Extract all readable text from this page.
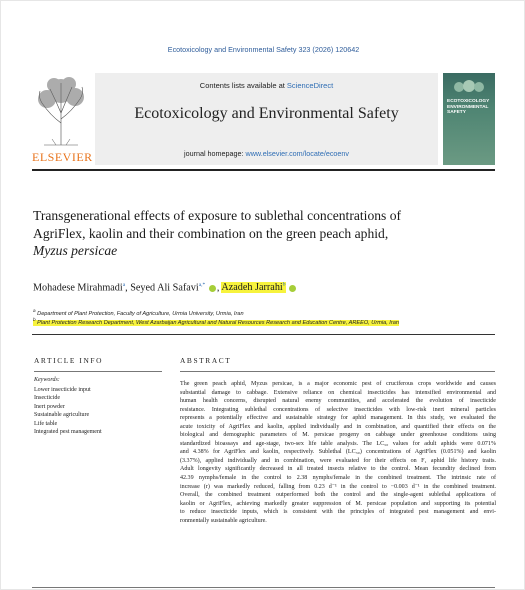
Ecotoxicology and Environmental Safety 323 (2026) 120642
ELSEVIER
Contents lists available at ScienceDirect
Ecotoxicology and Environmental Safety
journal homepage: www.elsevier.com/locate/ecoenv
ECOTOXICOLOGY ENVIRONMENTAL SAFETY
Transgenerational effects of exposure to sublethal concentrations of
AgriFlex, kaolin and their combination on the green peach aphid,
Myzus persicae
Mohadese Mirahmadi$^a$, Seyed Ali Safavi$^{a,*}$ , Azadeh Jarrahi$^b$
$^a$ Department of Plant Protection, Faculty of Agriculture, Urmia University, Urmia, Iran
$^b$ Plant Protection Research Department, West Azarbaijan Agricultural and Natural Resources Research and Education Centre, AREEO, Urmia, Iran
ARTICLE INFO	ABSTRACT
Keywords:
Lower insecticide input
Insecticide
Inert powder
Sustainable agriculture
Life table
Integrated pest management
The green peach aphid, Myzus persicae, is a major economic pest of cruciferous crops worldwide and causes
substantial damage to cabbage. Extensive reliance on chemical insecticides has intensified environmental and
human health concerns, disrupted natural enemy communities, and accelerated the evolution of insecticide
resistance. Integrating sublethal concentrations of selective insecticides with low-risk inert mineral particles
represents a potentially effective and sustainable strategy for aphid management. In this study, we evaluated the
acute toxicity of AgriFlex and kaolin, applied individually and in combination, and quantified their effects on the
biological and demographic parameters of M. persicae progeny on cabbage under greenhouse conditions using
standardized bioassays and age-stage, two-sex life table analysis. The LC₅₀ values for adult aphids were 0.071%
and 4.38% for AgriFlex and kaolin, respectively. Sublethal (LC₃₀) concentrations of AgriFlex (0.051%) and kaolin
(3.37%), applied individually and in combination, were evaluated for their effects on F₁ aphid life history traits.
Adult longevity significantly decreased in all treated insects relative to the control. Mean fecundity declined from
42.39 nymphs/female in the control to 2.38 nymphs/female in the combined treatment. The intrinsic rate of
increase (r) was markedly reduced, falling from 0.23 d⁻¹ in the control to −0.003 d⁻¹ in the combined treatment.
Overall, the combined treatment outperformed both the control and the single-agent sublethal applications of
kaolin or AgriFlex, achieving markedly greater suppression of M. persicae population and supporting its potential
to reduce insecticide inputs, which is consistent with the principles of integrated pest management and envi-
ronmentally sustainable agriculture.
